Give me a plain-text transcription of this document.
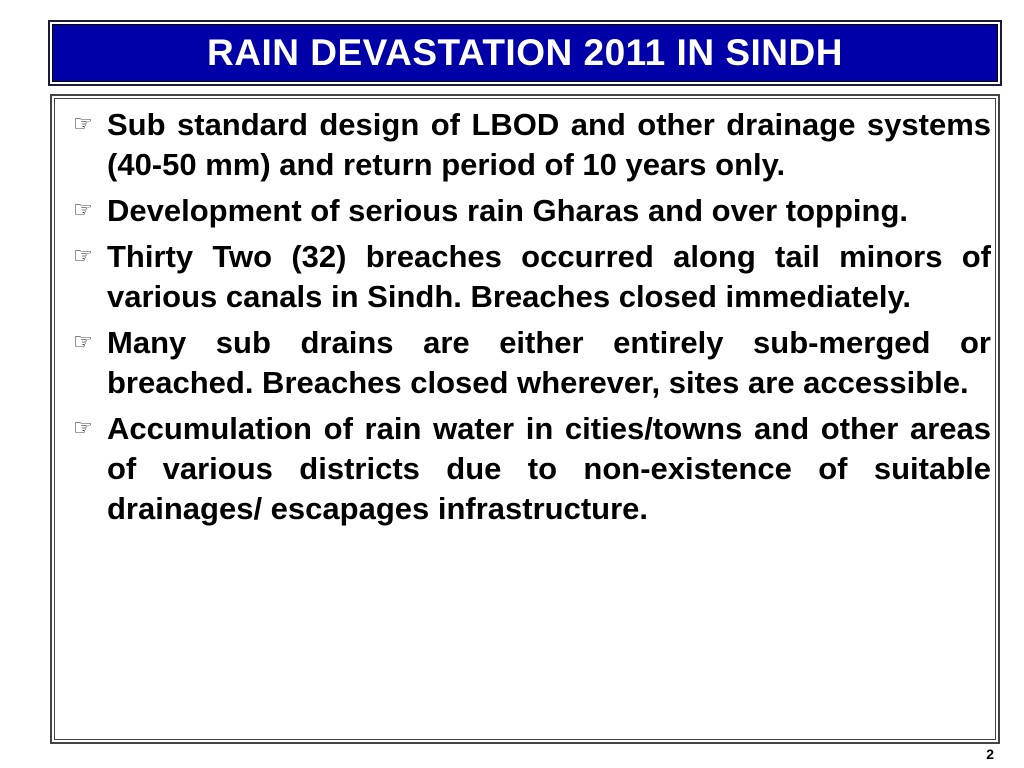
RAIN DEVASTATION 2011 IN SINDH
☞ Sub standard design of LBOD and other drainage systems (40-50 mm) and return period of 10 years only.
☞ Development of serious rain Gharas and over topping.
☞ Thirty Two (32) breaches occurred along tail minors of various canals in Sindh. Breaches closed immediately.
☞ Many sub drains are either entirely sub-merged or breached. Breaches closed wherever, sites are accessible.
☞ Accumulation of rain water in cities/towns and other areas of various districts due to non-existence of suitable drainages/ escapages infrastructure.
2
